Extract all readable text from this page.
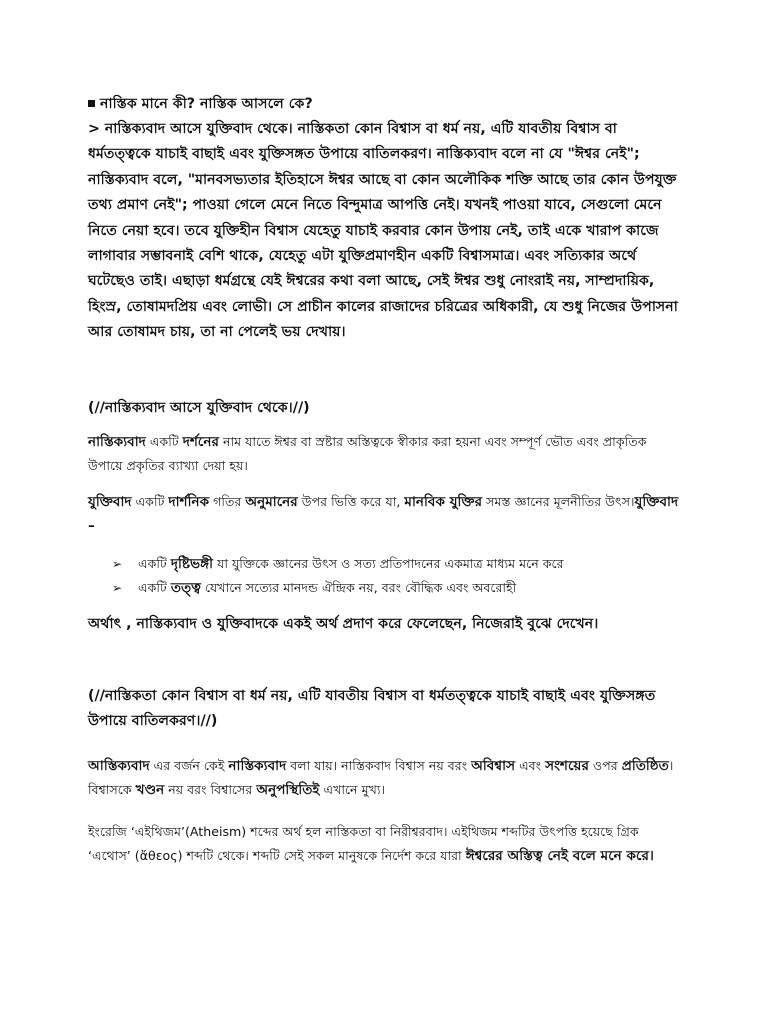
নাস্তিক মানে কী? নাস্তিক আসলে কে?

> নাস্তিক্যবাদ আসে যুক্তিবাদ থেকে। নাস্তিকতা কোন বিশ্বাস বা ধর্ম নয়, এটি যাবতীয় বিশ্বাস বা ধর্মতত্ত্বকে যাচাই বাছাই এবং যুক্তিসঙ্গত উপায়ে বাতিলকরণ। নাস্তিক্যবাদ বলে না যে "ঈশ্বর নেই"; নাস্তিক্যবাদ বলে, "মানবসভ্যতার ইতিহাসে ঈশ্বর আছে বা কোন অলৌকিক শক্তি আছে তার কোন উপযুক্ত তথ্য প্রমাণ নেই"; পাওয়া গেলে মেনে নিতে বিন্দুমাত্র আপত্তি নেই। যখনই পাওয়া যাবে, সেগুলো মেনে নিতে নেয়া হবে। তবে যুক্তিহীন বিশ্বাস যেহেতু যাচাই করবার কোন উপায় নেই, তাই একে খারাপ কাজে লাগাবার সম্ভাবনাই বেশি থাকে, যেহেতু এটা যুক্তিপ্রমাণহীন একটি বিশ্বাসমাত্র। এবং সত্যিকার অর্থে ঘটেছেও তাই। এছাড়া ধর্মগ্রন্থে যেই ঈশ্বরের কথা বলা আছে, সেই ঈশ্বর শুধু নোংরাই নয়, সাম্প্রদায়িক, হিংস্র, তোষামদপ্রিয় এবং লোভী। সে প্রাচীন কালের রাজাদের চরিত্রের অধিকারী, যে শুধু নিজের উপাসনা আর তোষামদ চায়, তা না পেলেই ভয় দেখায়।

(//নাস্তিক্যবাদ আসে যুক্তিবাদ থেকে।//)

নাস্তিক্যবাদ একটি দর্শনের নাম যাতে ঈশ্বর বা স্রষ্টার অস্তিত্বকে স্বীকার করা হয়না এবং সম্পূর্ণ ভৌত এবং প্রাকৃতিক উপায়ে প্রকৃতির ব্যাখ্যা দেয়া হয়।

যুক্তিবাদ একটি দার্শনিক গতির অনুমানের উপর ভিত্তি করে যা, মানবিক যুক্তির সমস্ত জ্ঞানের মূলনীতির উৎস।যুক্তিবাদ –

➢ একটি দৃষ্টিভঙ্গী যা যুক্তিকে জ্ঞানের উৎস ও সত্য প্রতিপাদনের একমাত্র মাধ্যম মনে করে
➢ একটি তত্ত্ব যেখানে সত্যের মানদন্ড ঐন্দ্রিক নয়, বরং বৌদ্ধিক এবং অবরোহী

অর্থাৎ , নাস্তিক্যবাদ ও যুক্তিবাদকে একই অর্থ প্রদাণ করে ফেলেছেন, নিজেরাই বুঝে দেখেন।

(//নাস্তিকতা কোন বিশ্বাস বা ধর্ম নয়, এটি যাবতীয় বিশ্বাস বা ধর্মতত্ত্বকে যাচাই বাছাই এবং যুক্তিসঙ্গত উপায়ে বাতিলকরণ।//)

আস্তিক্যবাদ এর বর্জন কেই নাস্তিক্যবাদ বলা যায়। নাস্তিকবাদ বিশ্বাস নয় বরং অবিশ্বাস এবং সংশয়ের ওপর প্রতিষ্ঠিত। বিশ্বাসকে খণ্ডন নয় বরং বিশ্বাসের অনুপস্থিতিই এখানে মুখ্য।

ইংরেজি ‘এইথিজম’(Atheism) শব্দের অর্থ হল নাস্তিকতা বা নিরীশ্বরবাদ। এইথিজম শব্দটির উৎপত্তি হয়েছে গ্রিক ‘এথোস’ (ἄθεος) শব্দটি থেকে। শব্দটি সেই সকল মানুষকে নির্দেশ করে যারা ঈশ্বরের অস্তিত্ব নেই বলে মনে করে।
